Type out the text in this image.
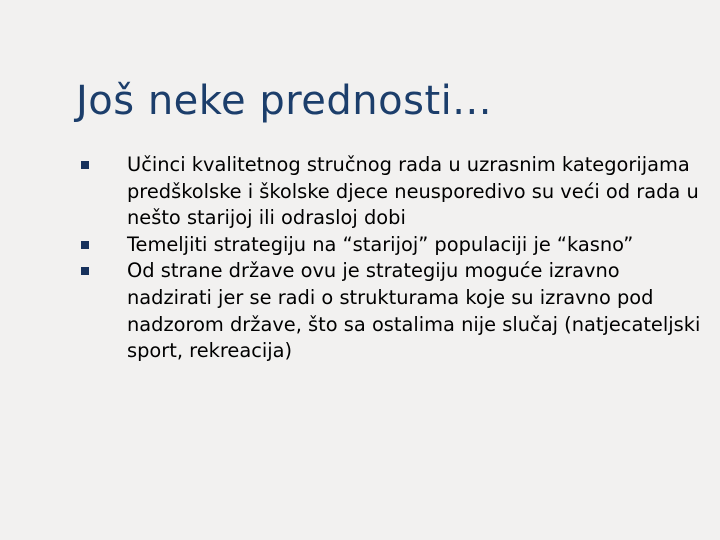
Još neke prednosti...
Učinci kvalitetnog stručnog rada u uzrasnim kategorijama predškolske i školske djece neusporedivo su veći od rada u nešto starijoj ili odrasloj dobi
Temeljiti strategiju na “starijoj” populaciji je “kasno”
Od strane države ovu je strategiju moguće izravno nadzirati jer se radi o strukturama koje su izravno pod nadzorom države, što sa ostalima nije slučaj (natjecateljski sport, rekreacija)
